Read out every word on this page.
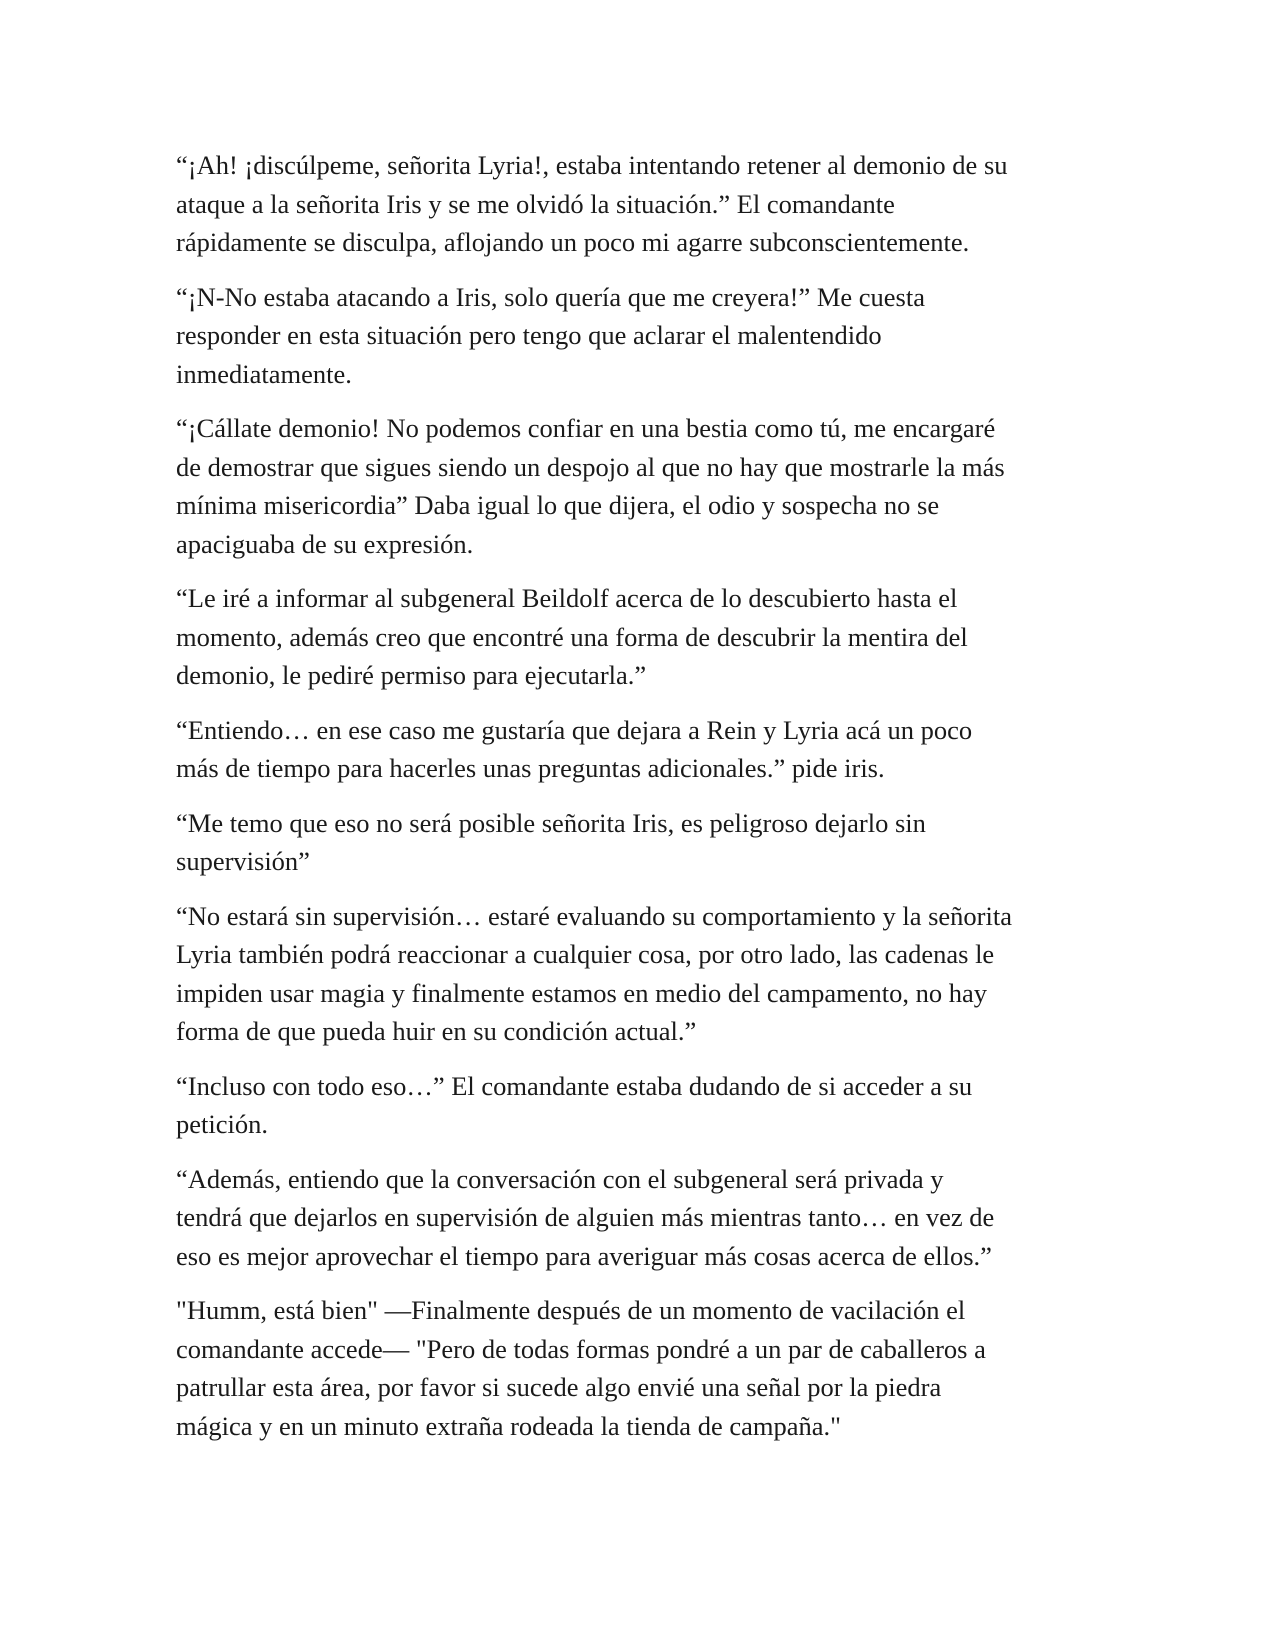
“¡Ah! ¡discúlpeme, señorita Lyria!, estaba intentando retener al demonio de su
ataque a la señorita Iris y se me olvidó la situación.” El comandante
rápidamente se disculpa, aflojando un poco mi agarre subconscientemente.

“¡N-No estaba atacando a Iris, solo quería que me creyera!” Me cuesta
responder en esta situación pero tengo que aclarar el malentendido
inmediatamente.

“¡Cállate demonio! No podemos confiar en una bestia como tú, me encargaré
de demostrar que sigues siendo un despojo al que no hay que mostrarle la más
mínima misericordia” Daba igual lo que dijera, el odio y sospecha no se
apaciguaba de su expresión.

“Le iré a informar al subgeneral Beildolf acerca de lo descubierto hasta el
momento, además creo que encontré una forma de descubrir la mentira del
demonio, le pediré permiso para ejecutarla.”

“Entiendo… en ese caso me gustaría que dejara a Rein y Lyria acá un poco
más de tiempo para hacerles unas preguntas adicionales.” pide iris.

“Me temo que eso no será posible señorita Iris, es peligroso dejarlo sin
supervisión”

“No estará sin supervisión… estaré evaluando su comportamiento y la señorita
Lyria también podrá reaccionar a cualquier cosa, por otro lado, las cadenas le
impiden usar magia y finalmente estamos en medio del campamento, no hay
forma de que pueda huir en su condición actual.”

“Incluso con todo eso…” El comandante estaba dudando de si acceder a su
petición.

“Además, entiendo que la conversación con el subgeneral será privada y
tendrá que dejarlos en supervisión de alguien más mientras tanto… en vez de
eso es mejor aprovechar el tiempo para averiguar más cosas acerca de ellos.”

"Humm, está bien" —Finalmente después de un momento de vacilación el
comandante accede— "Pero de todas formas pondré a un par de caballeros a
patrullar esta área, por favor si sucede algo envié una señal por la piedra
mágica y en un minuto extraña rodeada la tienda de campaña."
